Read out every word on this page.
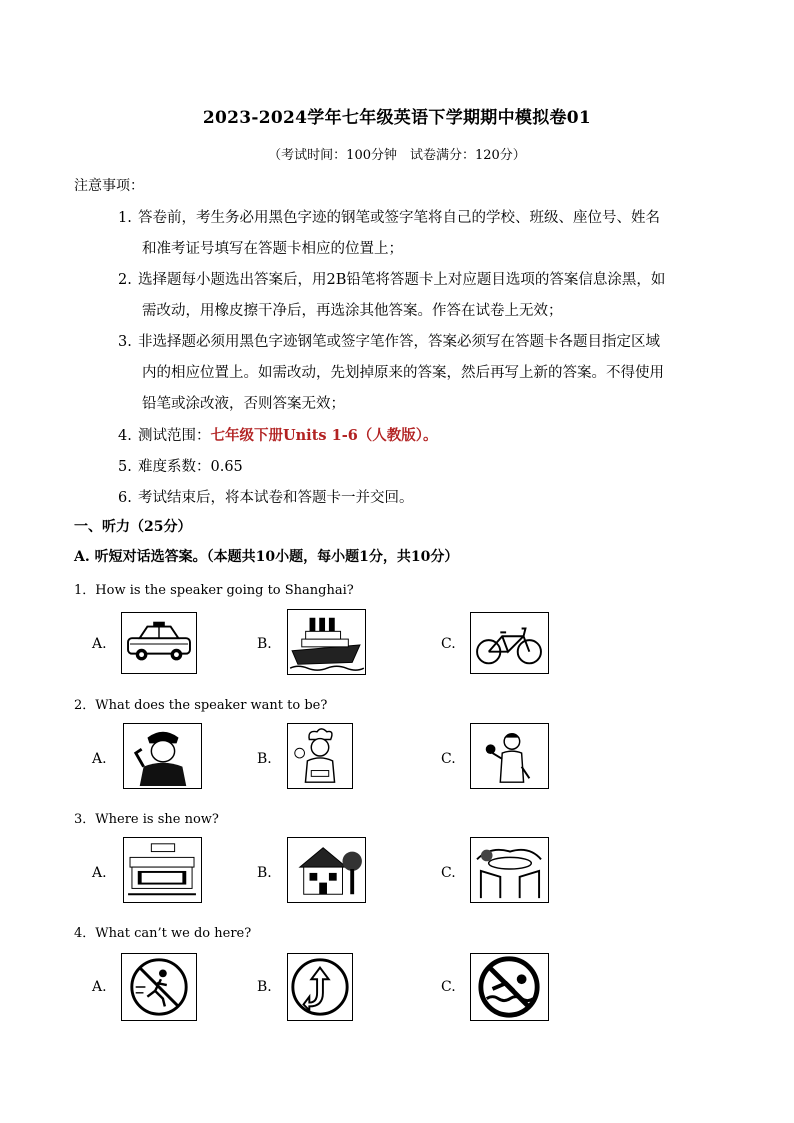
2023-2024学年七年级英语下学期期中模拟卷01
（考试时间：100分钟　试卷满分：120分）
注意事项：
1. 答卷前，考生务必用黑色字迹的钢笔或签字笔将自己的学校、班级、座位号、姓名
和准考证号填写在答题卡相应的位置上；
2. 选择题每小题选出答案后，用2B铅笔将答题卡上对应题目选项的答案信息涂黑，如
需改动，用橡皮擦干净后，再选涂其他答案。作答在试卷上无效；
3. 非选择题必须用黑色字迹钢笔或签字笔作答，答案必须写在答题卡各题目指定区域
内的相应位置上。如需改动，先划掉原来的答案，然后再写上新的答案。不得使用
铅笔或涂改液，否则答案无效；
4. 测试范围：七年级下册Units 1-6（人教版）。
5. 难度系数：0.65
6. 考试结束后，将本试卷和答题卡一并交回。
一、听力（25分）
A. 听短对话选答案。（本题共10小题，每小题1分，共10分）
1．How is the speaker going to Shanghai?
A.	B.	C.
2．What does the speaker want to be?
A.	B.	C.
3．Where is she now?
A.	B.	C.
4．What can’t we do here?
A.	B.	C.
